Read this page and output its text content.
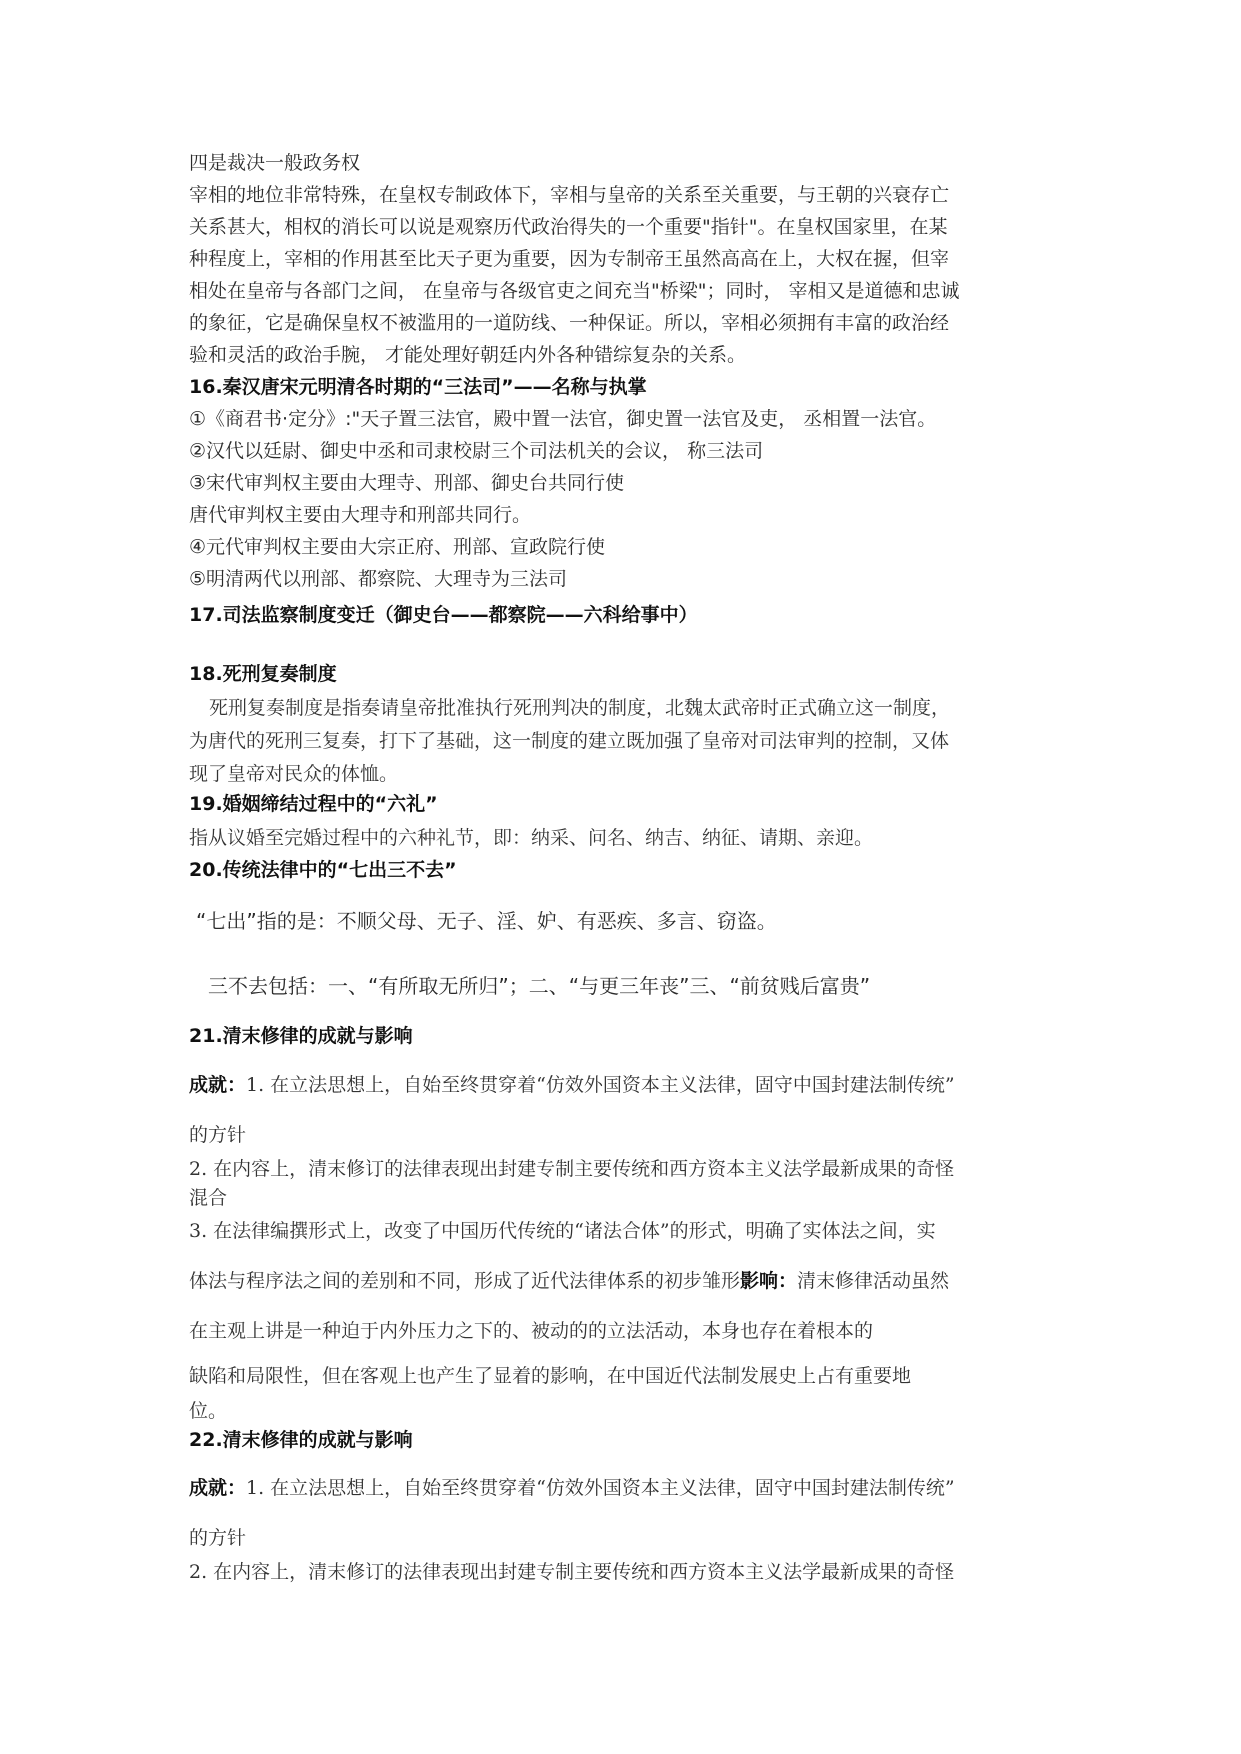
四是裁决一般政务权
宰相的地位非常特殊，在皇权专制政体下，宰相与皇帝的关系至关重要，与王朝的兴衰存亡
关系甚大，相权的消长可以说是观察历代政治得失的一个重要"指针"。在皇权国家里，在某
种程度上，宰相的作用甚至比天子更为重要，因为专制帝王虽然高高在上，大权在握，但宰
相处在皇帝与各部门之间， 在皇帝与各级官吏之间充当"桥梁"；同时， 宰相又是道德和忠诚
的象征，它是确保皇权不被滥用的一道防线、一种保证。所以，宰相必须拥有丰富的政治经
验和灵活的政治手腕， 才能处理好朝廷内外各种错综复杂的关系。
16.秦汉唐宋元明清各时期的“三法司”——名称与执掌
①《商君书·定分》:"天子置三法官，殿中置一法官，御史置一法官及吏， 丞相置一法官。
②汉代以廷尉、御史中丞和司隶校尉三个司法机关的会议， 称三法司
③宋代审判权主要由大理寺、刑部、御史台共同行使
唐代审判权主要由大理寺和刑部共同行。
④元代审判权主要由大宗正府、刑部、宣政院行使
⑤明清两代以刑部、都察院、大理寺为三法司
17.司法监察制度变迁（御史台——都察院——六科给事中）
18.死刑复奏制度
死刑复奏制度是指奏请皇帝批准执行死刑判决的制度，北魏太武帝时正式确立这一制度，
为唐代的死刑三复奏，打下了基础，这一制度的建立既加强了皇帝对司法审判的控制，又体
现了皇帝对民众的体恤。
19.婚姻缔结过程中的“六礼”
指从议婚至完婚过程中的六种礼节，即：纳采、问名、纳吉、纳征、请期、亲迎。
20.传统法律中的“七出三不去”
“七出”指的是：不顺父母、无子、淫、妒、有恶疾、多言、窃盗。
三不去包括：一、“有所取无所归”；二、“与更三年丧”三、“前贫贱后富贵”
21.清末修律的成就与影响
成就：1. 在立法思想上，自始至终贯穿着“仿效外国资本主义法律，固守中国封建法制传统”
的方针
2. 在内容上，清末修订的法律表现出封建专制主要传统和西方资本主义法学最新成果的奇怪
混合
3. 在法律编撰形式上，改变了中国历代传统的“诸法合体”的形式，明确了实体法之间，实
体法与程序法之间的差别和不同，形成了近代法律体系的初步雏形影响：清末修律活动虽然
在主观上讲是一种迫于内外压力之下的、被动的的立法活动，本身也存在着根本的
缺陷和局限性，但在客观上也产生了显着的影响，在中国近代法制发展史上占有重要地
位。
22.清末修律的成就与影响
成就：1. 在立法思想上，自始至终贯穿着“仿效外国资本主义法律，固守中国封建法制传统”
的方针
2. 在内容上，清末修订的法律表现出封建专制主要传统和西方资本主义法学最新成果的奇怪
